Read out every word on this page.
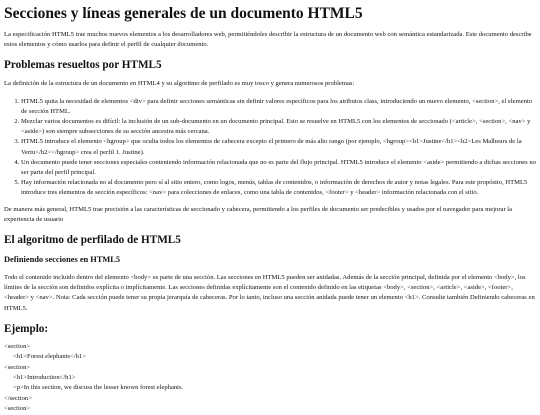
Secciones y líneas generales de un documento HTML5

La especificación HTML5 trae muchos nuevos elementos a los desarrolladores web, permitiéndoles describir la estructura de un documento web con semántica estandarizada. Este documento describe estos elementos y cómo usarlos para definir el perfil de cualquier documento.

Problemas resueltos por HTML5

La definición de la estructura de un documento en HTML4 y su algoritmo de perfilado es muy tosco y genera numerosos problemas:

1. HTML5 quita la necesidad de elementos <div> para definir secciones semánticas sin definir valores específicos para los atributos class, introduciendo un nuevo elemento, <section>, el elemento de sección HTML.
2. Mezclar varios documentos es difícil: la inclusión de un sub-documento en un documento principal. Esto se resuelve en HTML5 con los elementos de seccionado (<article>, <section>, <nav> y <aside>) son siempre subsecciones de su sección ancestra más cercana.
3. HTML5 introduce el elemento <hgroup> que oculta todos los elementos de cabecera excepto el primero de más alto rango (por ejemplo, <hgroup><h1>Justine</h1><h2>Les Malheurs de la Vertu</h2></hgroup> crea el perfil 1. Justine).
4. Un documento puede tener secciones especiales conteniendo información relacionada que no es parte del flujo principal. HTML5 introduce el elemento <aside> permitiendo a dichas secciones no ser parte del perfil principal.
5. Hay información relacionada no al documento pero sí al sitio entero, como logos, menús, tablas de contenidos, o información de derechos de autor y notas legales. Para este propósito, HTML5 introduce tres elementos de sección específicos: <nav> para colecciones de enlaces, como una tabla de contenidos, <footer> y <header> información relacionada con el sitio.

De manera más general, HTML5 trae precisión a las características de seccionado y cabecera, permitiendo a los perfiles de documento ser predecibles y usados por el navegador para mejorar la experiencia de usuario

El algoritmo de perfilado de HTML5
Definiendo secciones en HTML5

Todo el contenido incluido dentro del elemento <body> es parte de una sección. Las secciones en HTML5 pueden ser anidadas. Además de la sección principal, definida por el elemento <body>, los límites de la sección son definidos explícita o implícitamente. Las secciones definidas explícitamente son el contenido definido en las etiquetas <body>, <section>, <article>, <aside>, <footer>, <header> y <nav>. Nota: Cada sección puede tener su propia jerarquía de cabeceras. Por lo tanto, incluso una sección anidada puede tener un elemento <h1>. Consulte también Definiendo cabeceras en HTML5.

Ejemplo:
<section>
<h1>Forest elephants</h1>
<section>
<h1>Introduction</h1>
<p>In this section, we discuss the lesser known forest elephants.
</section>
<section>
